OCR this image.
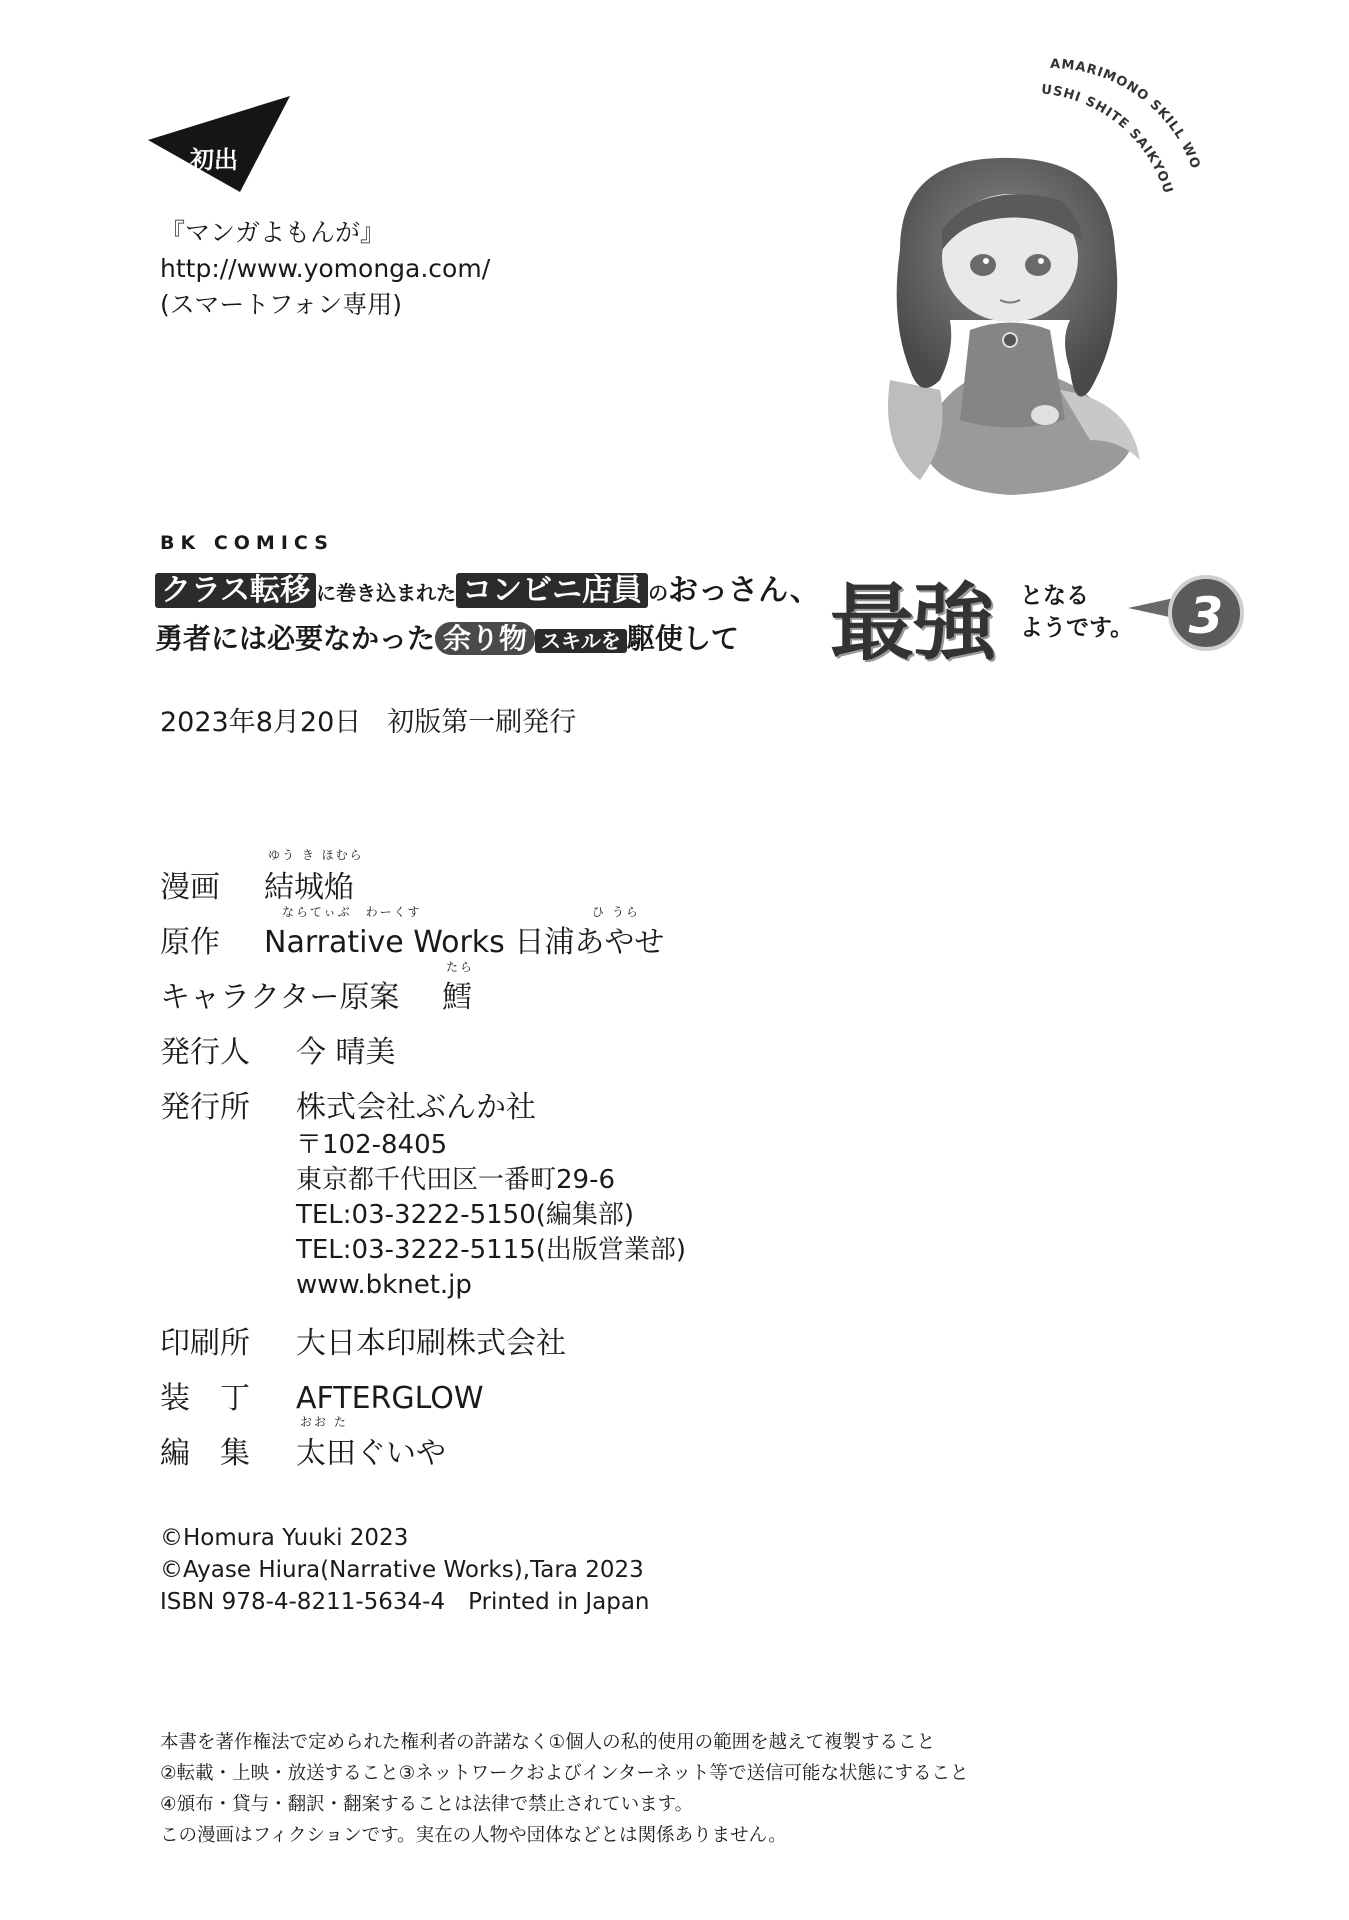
初出
『マンガよもんが』
http://www.yomonga.com/
(スマートフォン専用)
AMARIMONO SKILL WO
USHI SHITE SAIKYOU
BK COMICS
クラス転移 に巻き込まれた コンビニ店員 のおっさん、
勇者には必要なかった 余り物 スキルを 駆使して 最強 となる
ようです。	3
2023年8月20日 初版第一刷発行
ゆう き ほむら
漫画 結城焔
ならてぃぶ　わーくす	ひ うら
原作 Narrative Works 日浦あやせ
たら
キャラクター原案 鱈
発行人 今 晴美
発行所 株式会社ぶんか社
〒102-8405
東京都千代田区一番町29-6
TEL:03-3222-5150(編集部)
TEL:03-3222-5115(出版営業部)
www.bknet.jp
印刷所 大日本印刷株式会社
装　丁 AFTERGLOW
おお た
編　集 太田ぐいや
©Homura Yuuki 2023
©Ayase Hiura(Narrative Works),Tara 2023
ISBN 978-4-8211-5634-4　Printed in Japan
本書を著作権法で定められた権利者の許諾なく①個人の私的使用の範囲を越えて複製すること
②転載・上映・放送すること③ネットワークおよびインターネット等で送信可能な状態にすること
④頒布・貸与・翻訳・翻案することは法律で禁止されています。
この漫画はフィクションです。実在の人物や団体などとは関係ありません。
